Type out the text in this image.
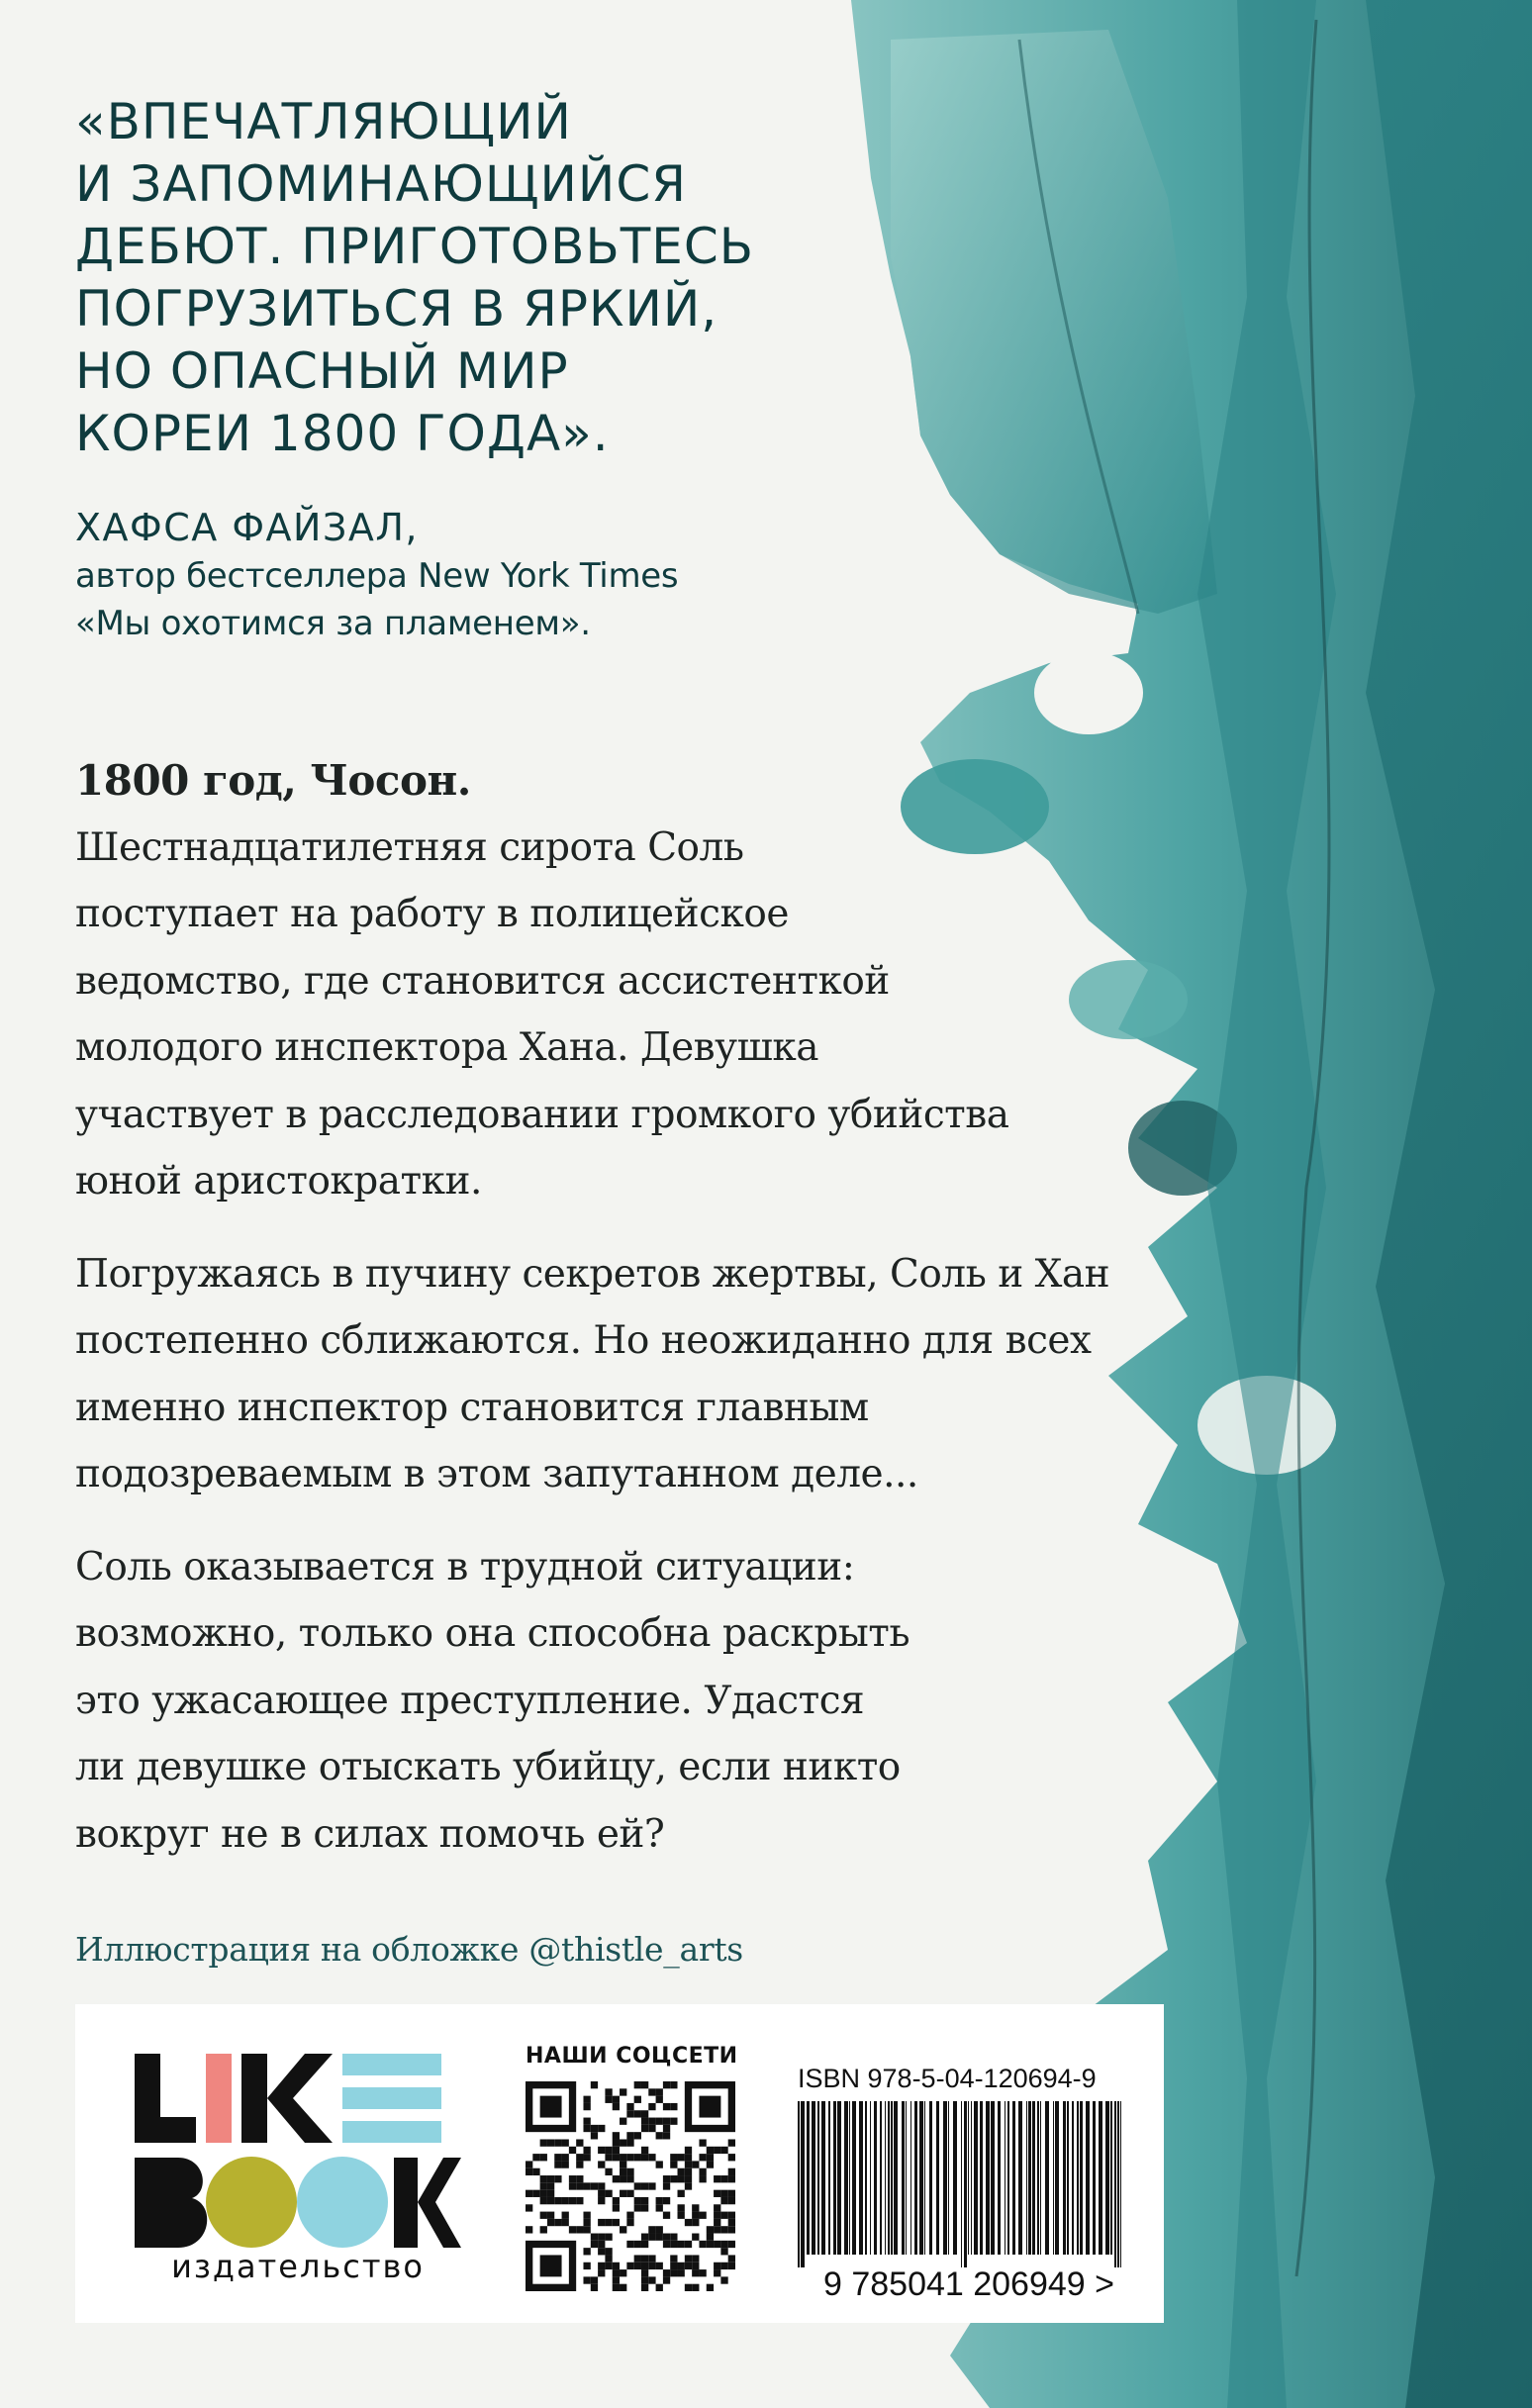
«ВПЕЧАТЛЯЮЩИЙ
И ЗАПОМИНАЮЩИЙСЯ
ДЕБЮТ. ПРИГОТОВЬТЕСЬ
ПОГРУЗИТЬСЯ В ЯРКИЙ,
НО ОПАСНЫЙ МИР
КОРЕИ 1800 ГОДА».
ХАФСА ФАЙЗАЛ,
автор бестселлера New York Times
«Мы охотимся за пламенем».
1800 год, Чосон.
Шестнадцатилетняя сирота Соль
поступает на работу в полицейское
ведомство, где становится ассистенткой
молодого инспектора Хана. Девушка
участвует в расследовании громкого убийства
юной аристократки.
Погружаясь в пучину секретов жертвы, Соль и Хан
постепенно сближаются. Но неожиданно для всех
именно инспектор становится главным
подозреваемым в этом запутанном деле...
Соль оказывается в трудной ситуации:
возможно, только она способна раскрыть
это ужасающее преступление. Удастся
ли девушке отыскать убийцу, если никто
вокруг не в силах помочь ей?
Иллюстрация на обложке @thistle_arts
издательство
НАШИ СОЦСЕТИ
ISBN 978-5-04-120694-9
9 785041 206949 >
